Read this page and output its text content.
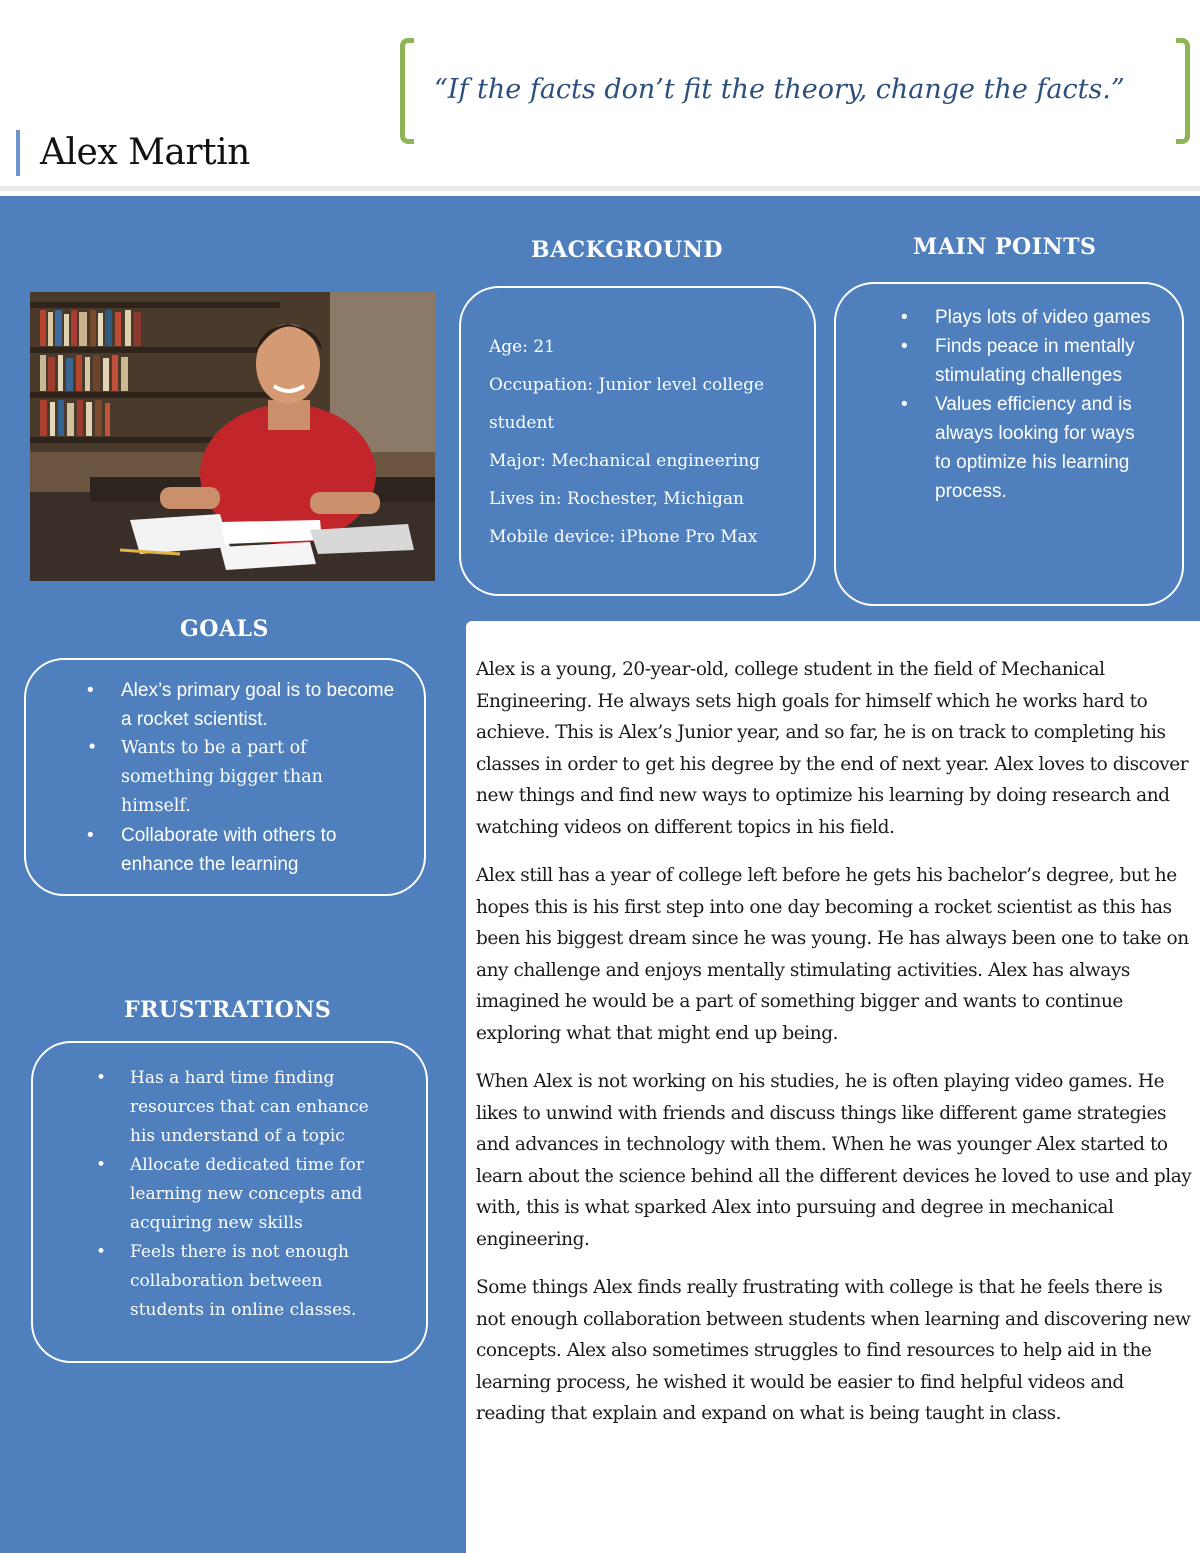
Alex Martin
“If the facts don’t fit the theory, change the facts.”
BACKGROUND
Age: 21
Occupation: Junior level college student
Major: Mechanical engineering
Lives in: Rochester, Michigan
Mobile device: iPhone Pro Max
MAIN POINTS
• Plays lots of video games
• Finds peace in mentally stimulating challenges
• Values efficiency and is always looking for ways to optimize his learning process.
GOALS
• Alex’s primary goal is to become a rocket scientist.
• Wants to be a part of something bigger than himself.
• Collaborate with others to enhance the learning
FRUSTRATIONS
• Has a hard time finding resources that can enhance his understand of a topic
• Allocate dedicated time for learning new concepts and acquiring new skills
• Feels there is not enough collaboration between students in online classes.

Alex is a young, 20-year-old, college student in the field of Mechanical Engineering. He always sets high goals for himself which he works hard to achieve. This is Alex’s Junior year, and so far, he is on track to completing his classes in order to get his degree by the end of next year. Alex loves to discover new things and find new ways to optimize his learning by doing research and watching videos on different topics in his field.

Alex still has a year of college left before he gets his bachelor’s degree, but he hopes this is his first step into one day becoming a rocket scientist as this has been his biggest dream since he was young. He has always been one to take on any challenge and enjoys mentally stimulating activities. Alex has always imagined he would be a part of something bigger and wants to continue exploring what that might end up being.

When Alex is not working on his studies, he is often playing video games. He likes to unwind with friends and discuss things like different game strategies and advances in technology with them. When he was younger Alex started to learn about the science behind all the different devices he loved to use and play with, this is what sparked Alex into pursuing and degree in mechanical engineering.

Some things Alex finds really frustrating with college is that he feels there is not enough collaboration between students when learning and discovering new concepts. Alex also sometimes struggles to find resources to help aid in the learning process, he wished it would be easier to find helpful videos and reading that explain and expand on what is being taught in class.
